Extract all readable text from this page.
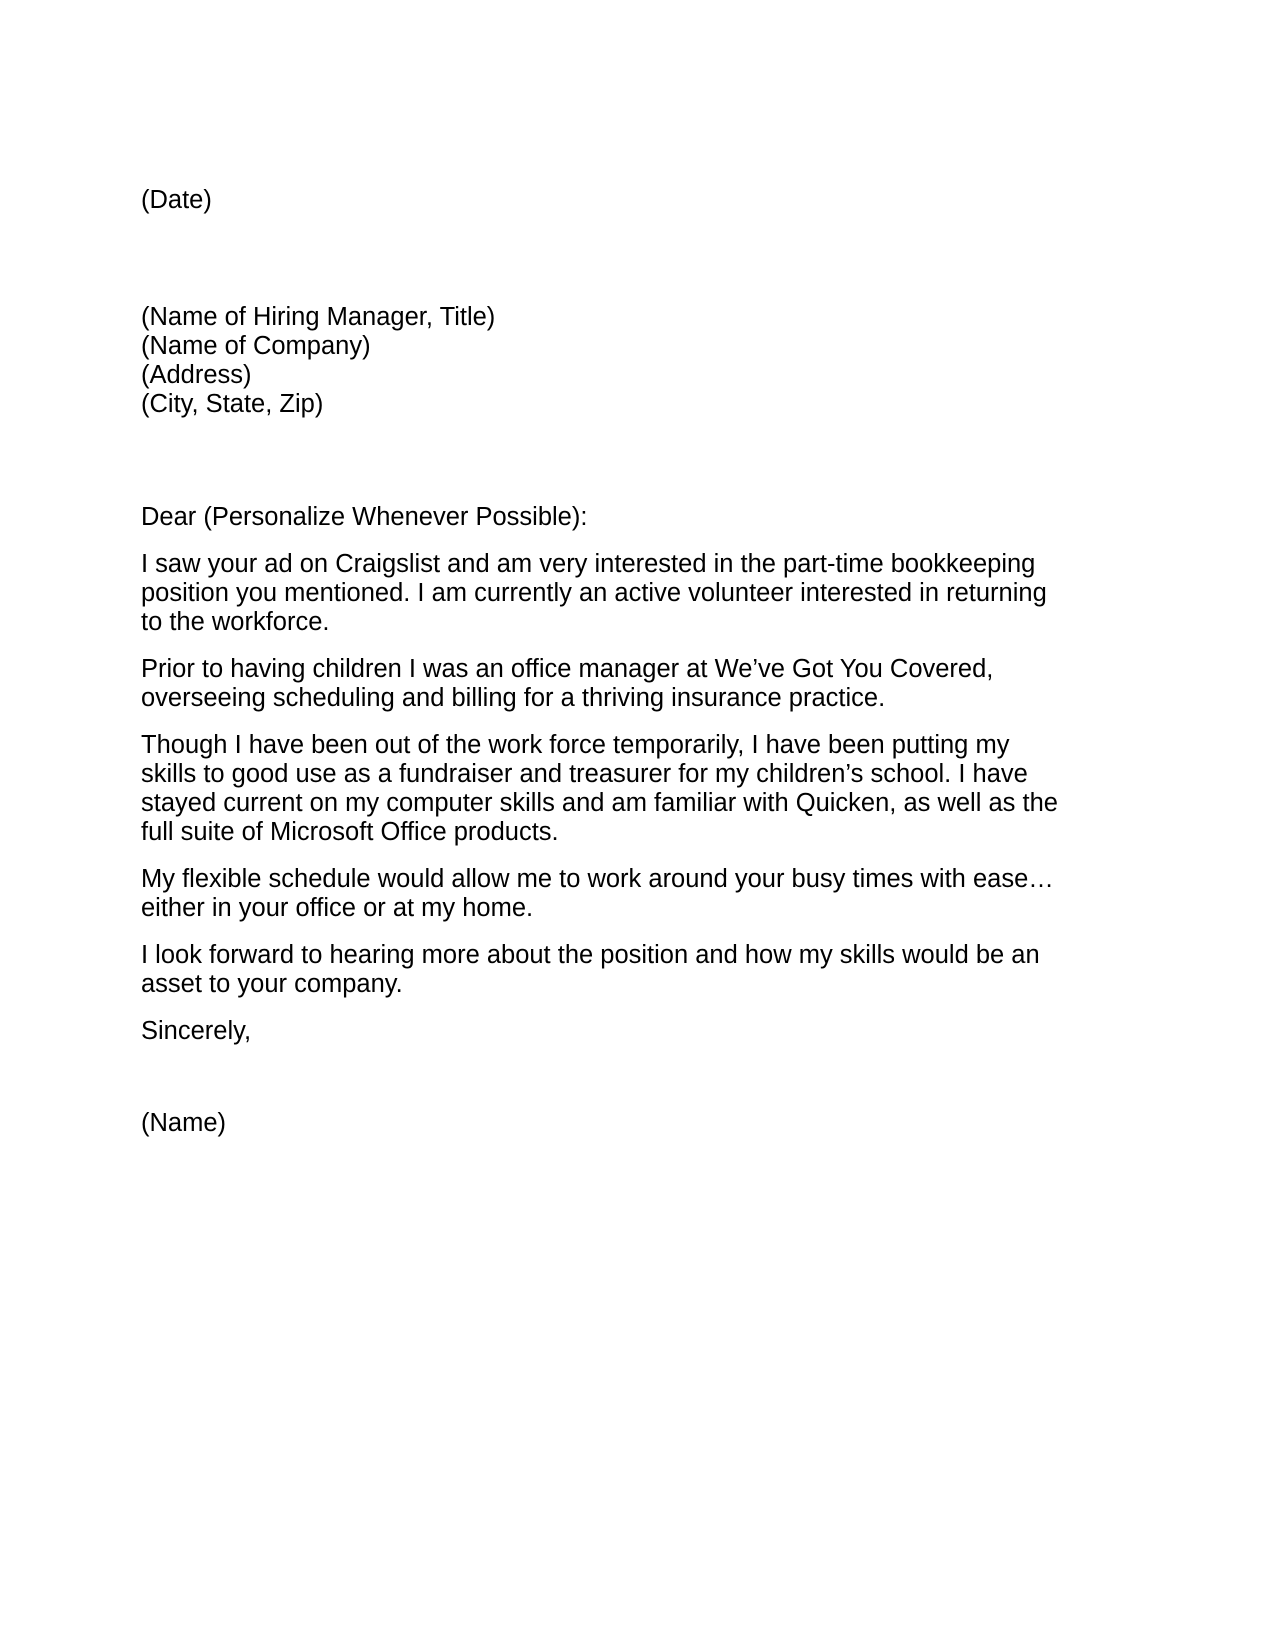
(Date)
(Name of Hiring Manager, Title)
(Name of Company)
(Address)
(City, State, Zip)
Dear (Personalize Whenever Possible):

I saw your ad on Craigslist and am very interested in the part-time bookkeeping position you mentioned. I am currently an active volunteer interested in returning to the workforce.

Prior to having children I was an office manager at We’ve Got You Covered, overseeing scheduling and billing for a thriving insurance practice.

Though I have been out of the work force temporarily, I have been putting my skills to good use as a fundraiser and treasurer for my children’s school. I have stayed current on my computer skills and am familiar with Quicken, as well as the full suite of Microsoft Office products.

My flexible schedule would allow me to work around your busy times with ease…either in your office or at my home.

I look forward to hearing more about the position and how my skills would be an asset to your company.

Sincerely,
(Name)
